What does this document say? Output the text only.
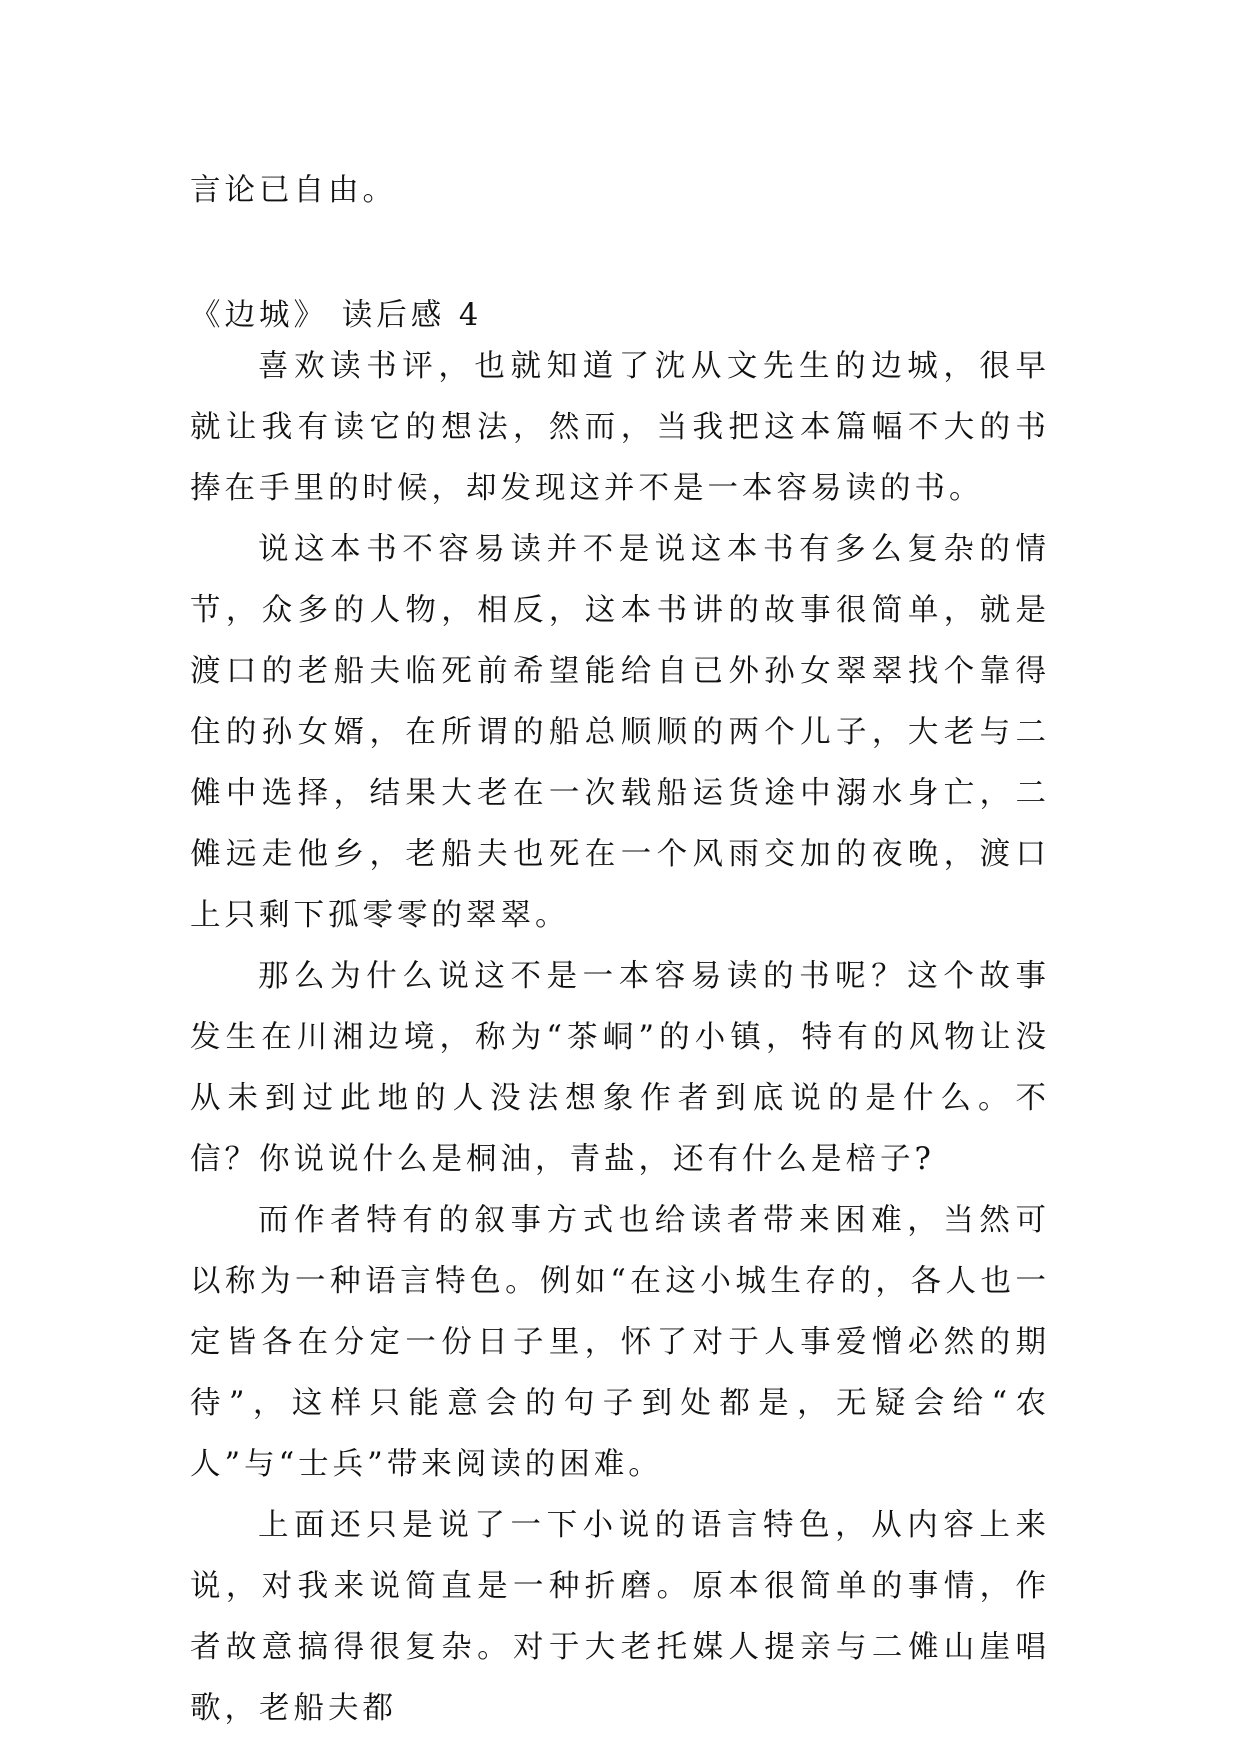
言论已自由。
《边城》 读后感 4

喜欢读书评，也就知道了沈从文先生的边城，很早就让我有读它的想法，然而，当我把这本篇幅不大的书捧在手里的时候，却发现这并不是一本容易读的书。

说这本书不容易读并不是说这本书有多么复杂的情节，众多的人物，相反，这本书讲的故事很简单，就是渡口的老船夫临死前希望能给自已外孙女翠翠找个靠得住的孙女婿，在所谓的船总顺顺的两个儿子，大老与二傩中选择，结果大老在一次载船运货途中溺水身亡，二傩远走他乡，老船夫也死在一个风雨交加的夜晚，渡口上只剩下孤零零的翠翠。

那么为什么说这不是一本容易读的书呢？这个故事发生在川湘边境，称为“茶峒”的小镇，特有的风物让没从未到过此地的人没法想象作者到底说的是什么。不信？你说说什么是桐油，青盐，还有什么是棓子?

而作者特有的叙事方式也给读者带来困难，当然可以称为一种语言特色。例如“在这小城生存的，各人也一定皆各在分定一份日子里，怀了对于人事爱憎必然的期待”，这样只能意会的句子到处都是，无疑会给“农人”与“士兵”带来阅读的困难。

上面还只是说了一下小说的语言特色，从内容上来说，对我来说简直是一种折磨。原本很简单的事情，作者故意搞得很复杂。对于大老托媒人提亲与二傩山崖唱歌，老船夫都
